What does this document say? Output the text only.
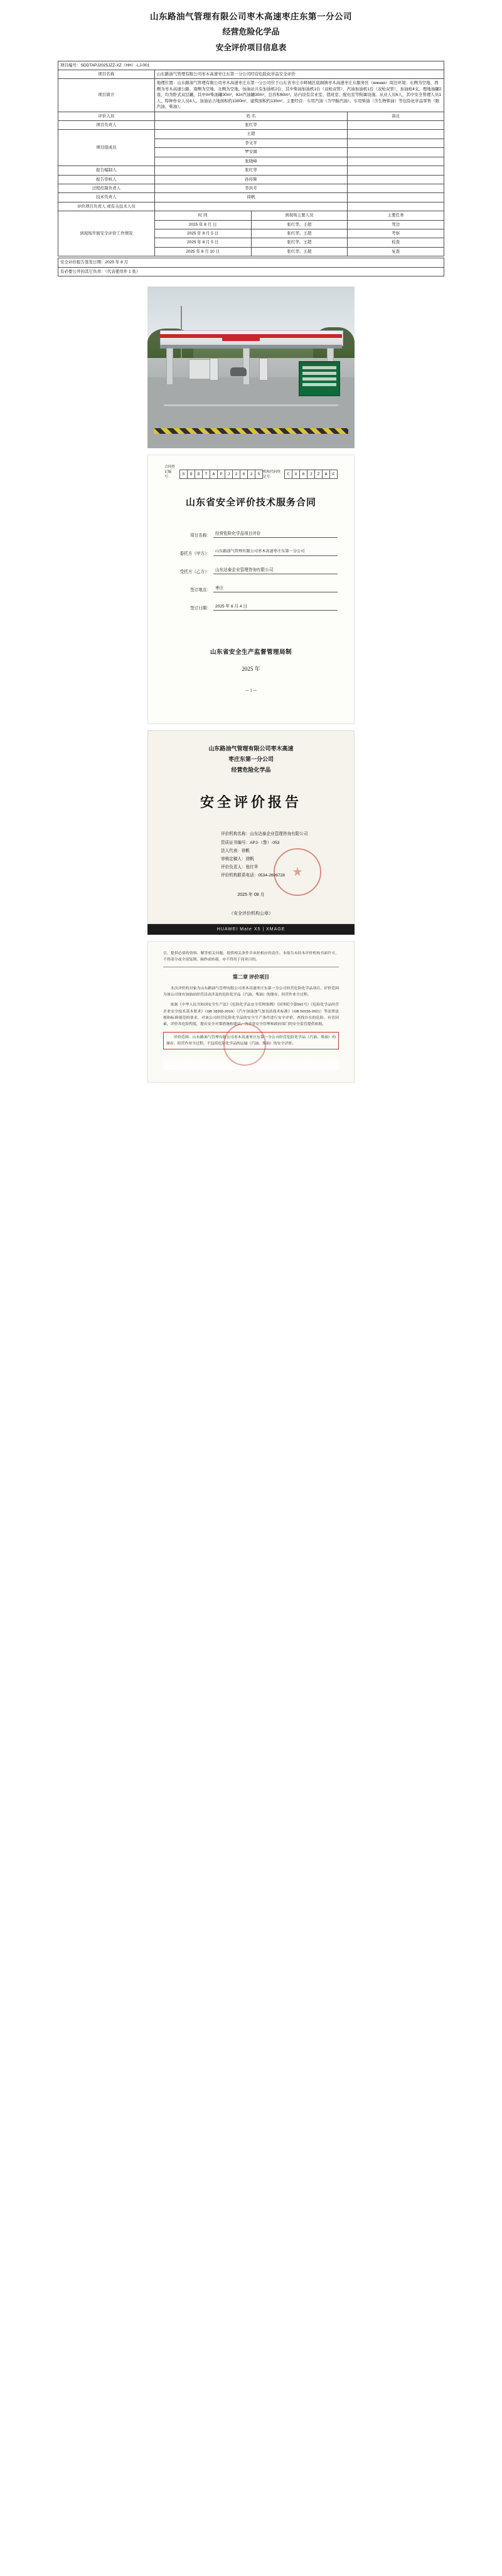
山东路油气管理有限公司枣木高速枣庄东第一分公司
经营危险化学品
安全评价项目信息表
项目编号：SDDTAPJ2025JZZ-XZ（HH）-LJ-001			
项目名称	山东路油气管理有限公司枣木高速枣庄东第一分公司经营危险化学品安全评价		
项目简介	地理位置：山东路油气管理有限公司枣木高速枣庄东第一分公司位于山东省枣庄市峄城区底阁镇枣木高速枣庄东服务区（южная）周边环境：东侧为空地、西侧为枣木高速公路、南侧为空地、北侧为空地。加油站共有加油机2台，其中柴油加油机1台（双枪双管）、汽油加油机1台（双枪双管），加油枪4支。埋地油罐2座，均为卧式双层罐，其中0#柴油罐30m³，92#汽油罐30m³，总容积60m³。站内设有营业室、值班室、配电室等附属设施。从业人员6人，其中安全管理人员1人、特种作业人员4人。加油站占地面积约1300m²，建筑面积约130m²。主要经营：车用汽油（含甲醇汽油）、车用柴油（含生物柴油）等危险化学品零售（限汽油、柴油）。		
评价人员	姓 名		备注
项目负责人	张红华		
项目组成员	王超		
	李文平		
	罗安圆		
	张晓峰		
报告编制人	张红华		
报告审核人	孙传辉		
过程控制负责人	李洪芳		
技术负责人	徐帆		
评价项目负责人 或有关技术人员			
到现场开展安全评价工作情况	时 间	到现场主要人员	主要任务
	2025 年 8 月 日	张红华、王超	驾边
	2025 年 8 月 5 日	张红华、王超	考察
	2025 年 8 月 5 日	张红华、王超	检查
	2025 年 8 月 10 日	张红华、王超	复查
安全评价报告签发日期：2025 年 8 月
有必要公开的其它负责：（代表使用件 1 张）
合同登记编号：
S	D	D	T	A	P	J	2	0	2	5 机构代码登记号：
C	U	6	J	Z	A	F
山东省安全评价技术服务合同
项目名称：	经营危险化学品项目评价
委托方（甲方）：
山东路油气管理有限公司枣木高速枣庄东第一分公司
受托方（乙方）：	山东达泰企业管理咨询有限公司
签订地点：	枣庄
签订日期：	2025 年 8 月 4 日
山东省安全生产监督管理局制
2025 年
— 1 —
山东路油气管理有限公司枣木高速
枣庄东第一分公司
经营危险化学品
安全评价报告
评价机构名称：山东达泰企业管理咨询有限公司
资质证书编号：APJ-（鲁）-053
法人代表：徐帆
审核定稿人：徐帆
评价负责人：张红华
评价机构联系电话：0534-2606728
2025 年 08 月
（安全评价机构公章）
HUAWEI Mate X5 | XMAGE
引，提供必要的资料、解答相关问题、提供相关条件并承担相应的责任。本报告未经本评价机构书面许可，不得部分或全部复制、摘抄或转载，亦不得用于商业目的。
第二章 评价项目

本次评价的对象为山东路油气管理有限公司枣木高速枣庄东第一分公司经营危险化学品项目，评价范围为该公司现有加油站经营活动涉及的危险化学品（汽油、柴油）的储存、经营作业全过程。

依据《中华人民共和国安全生产法》《危险化学品安全管理条例》（国务院令第591号）《危险化学品经营企业安全技术基本要求》（GB 18265-2019）《汽车加油加气加氢站技术标准》（GB 50156-2021）等法律法规和标准规范的要求，对该公司经营危险化学品的安全生产条件进行安全评价，查找存在的危险、有害因素，评价其危险程度，提出安全对策措施和建议，为企业安全管理和政府部门的安全监管提供依据。

评价范围：山东路油气管理有限公司枣木高速枣庄东第一分公司经营危险化学品（汽油、柴油）的储存、经营作业全过程，不包括危险化学品的运输（汽油、柴油）的安全评价。
